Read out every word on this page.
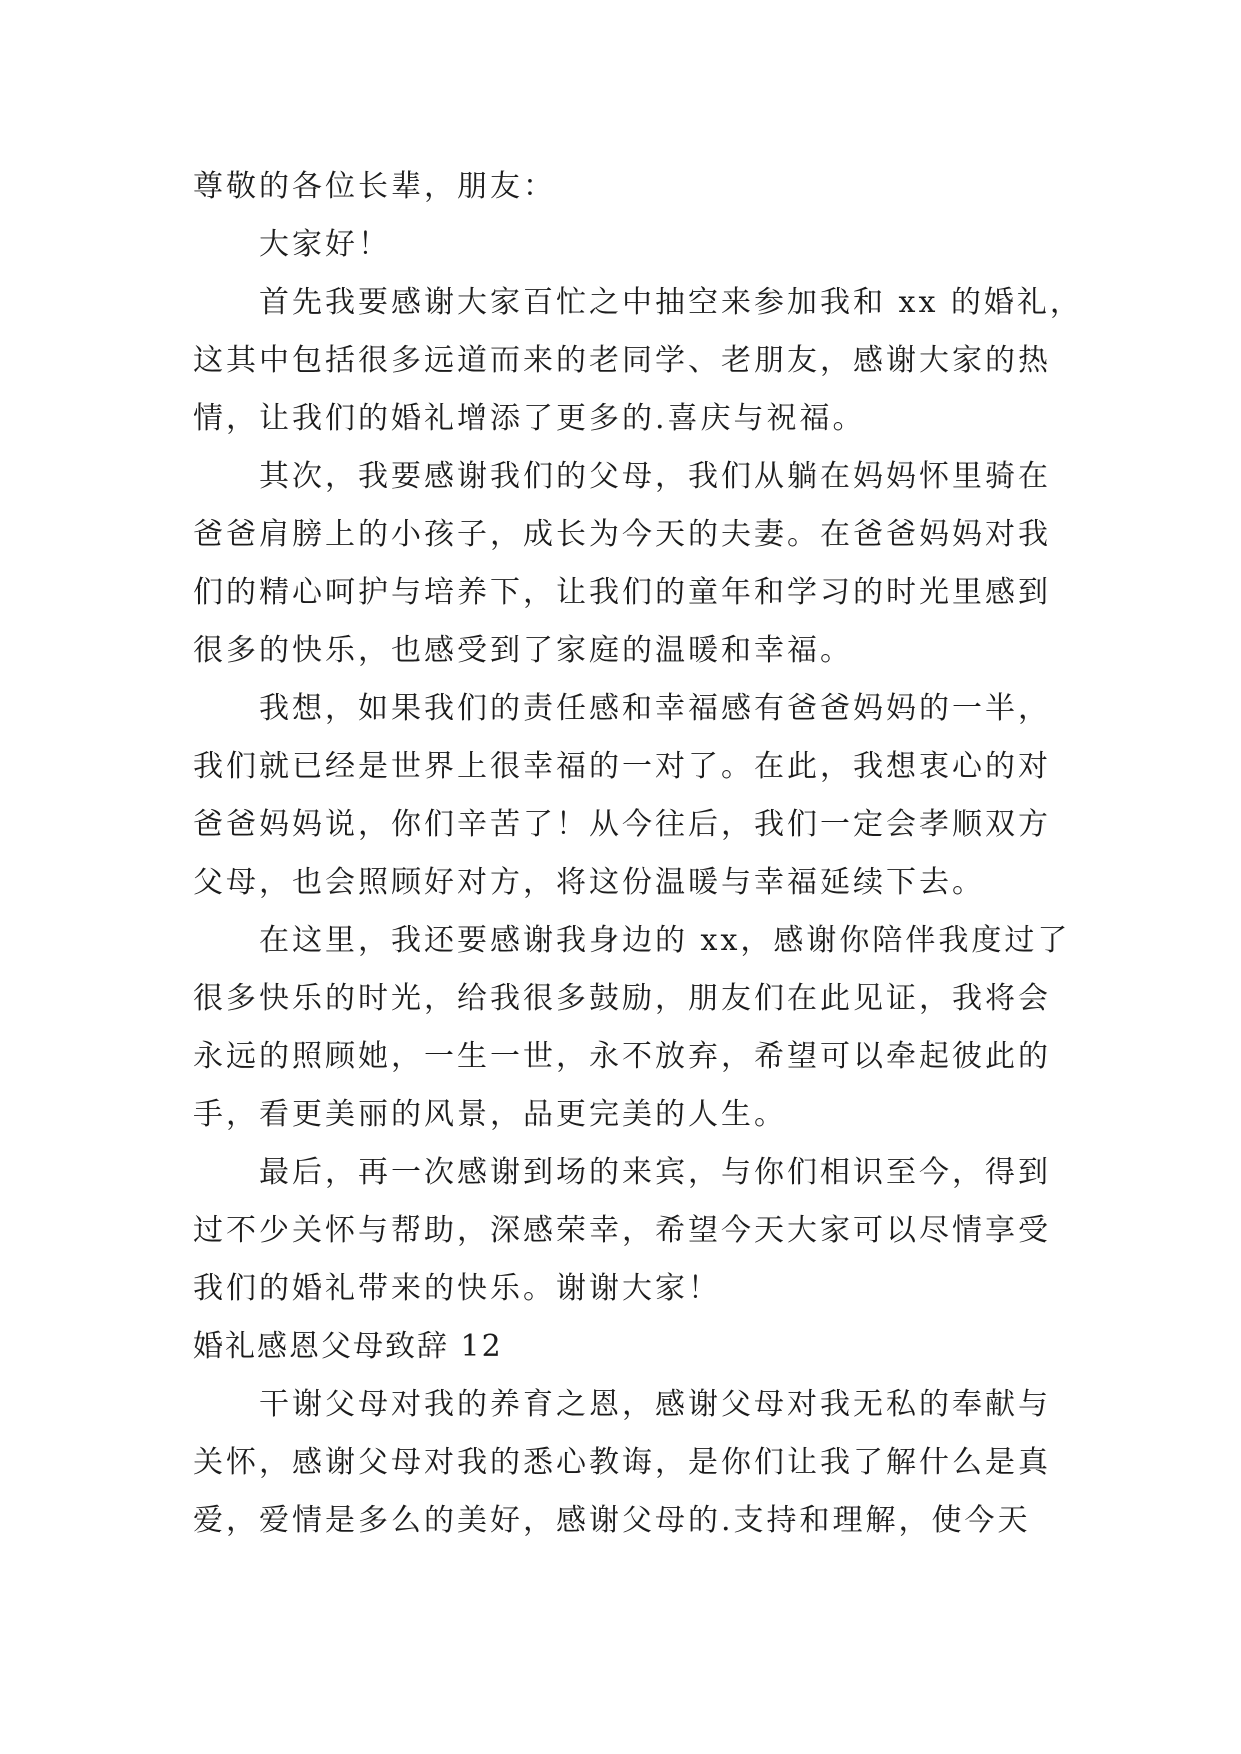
尊敬的各位长辈，朋友：
大家好！
首先我要感谢大家百忙之中抽空来参加我和 xx 的婚礼，
这其中包括很多远道而来的老同学、老朋友，感谢大家的热
情，让我们的婚礼增添了更多的.喜庆与祝福。
其次，我要感谢我们的父母，我们从躺在妈妈怀里骑在
爸爸肩膀上的小孩子，成长为今天的夫妻。在爸爸妈妈对我
们的精心呵护与培养下，让我们的童年和学习的时光里感到
很多的快乐，也感受到了家庭的温暖和幸福。
我想，如果我们的责任感和幸福感有爸爸妈妈的一半，
我们就已经是世界上很幸福的一对了。在此，我想衷心的对
爸爸妈妈说，你们辛苦了！从今往后，我们一定会孝顺双方
父母，也会照顾好对方，将这份温暖与幸福延续下去。
在这里，我还要感谢我身边的 xx，感谢你陪伴我度过了
很多快乐的时光，给我很多鼓励，朋友们在此见证，我将会
永远的照顾她，一生一世，永不放弃，希望可以牵起彼此的
手，看更美丽的风景，品更完美的人生。
最后，再一次感谢到场的来宾，与你们相识至今，得到
过不少关怀与帮助，深感荣幸，希望今天大家可以尽情享受
我们的婚礼带来的快乐。谢谢大家！
婚礼感恩父母致辞 12
干谢父母对我的养育之恩，感谢父母对我无私的奉献与
关怀，感谢父母对我的悉心教诲，是你们让我了解什么是真
爱，爱情是多么的美好，感谢父母的.支持和理解，使今天
